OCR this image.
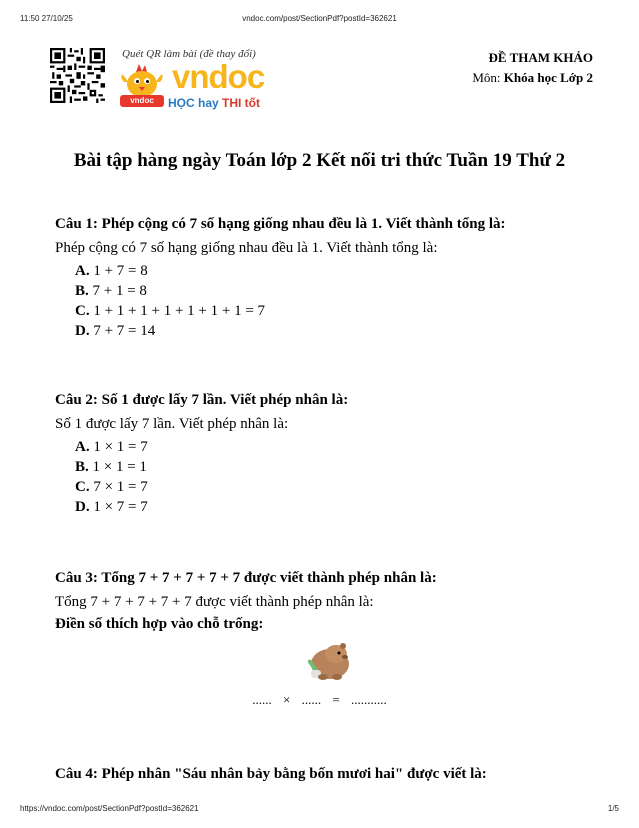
11:50 27/10/25	vndoc.com/post/SectionPdf?postId=362621
Quét QR làm bài (đề thay đổi)
vndoc
vndoc
HỌC hay THI tốt
ĐỀ THAM KHẢO
Môn: Khóa học Lớp 2
Bài tập hàng ngày Toán lớp 2 Kết nối tri thức Tuần 19 Thứ 2
Câu 1: Phép cộng có 7 số hạng giống nhau đều là 1. Viết thành tổng là:
Phép cộng có 7 số hạng giống nhau đều là 1. Viết thành tổng là:
A. 1 + 7 = 8
B. 7 + 1 = 8
C. 1 + 1 + 1 + 1 + 1 + 1 + 1 = 7
D. 7 + 7 = 14
Câu 2: Số 1 được lấy 7 lần. Viết phép nhân là:
Số 1 được lấy 7 lần. Viết phép nhân là:
A. 1 × 1 = 7
B. 1 × 1 = 1
C. 7 × 1 = 7
D. 1 × 7 = 7
Câu 3: Tổng 7 + 7 + 7 + 7 + 7 được viết thành phép nhân là:
Tổng 7 + 7 + 7 + 7 + 7 được viết thành phép nhân là:
Điền số thích hợp vào chỗ trống:
...... × ...... = ...........
Câu 4: Phép nhân "Sáu nhân bảy bằng bốn mươi hai" được viết là:
https://vndoc.com/post/SectionPdf?postId=362621	1/5
